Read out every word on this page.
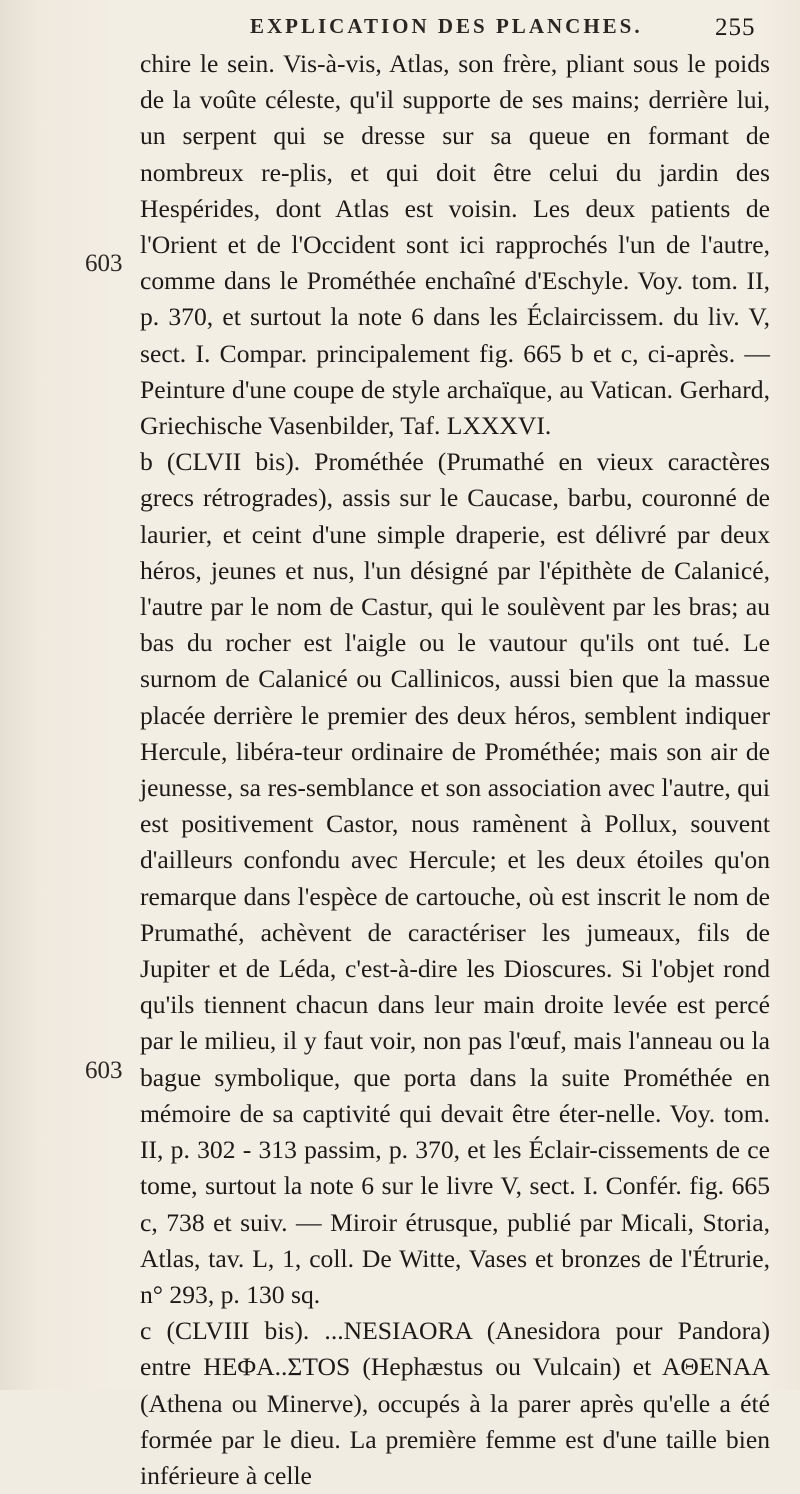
EXPLICATION DES PLANCHES.	255
603
603

chire le sein. Vis-à-vis, Atlas, son frère, pliant sous le poids de la voûte céleste, qu'il supporte de ses mains; derrière lui, un serpent qui se dresse sur sa queue en formant de nombreux re-plis, et qui doit être celui du jardin des Hespérides, dont Atlas est voisin. Les deux patients de l'Orient et de l'Occident sont ici rapprochés l'un de l'autre, comme dans le Prométhée enchaîné d'Eschyle. Voy. tom. II, p. 370, et surtout la note 6 dans les Éclaircissem. du liv. V, sect. I. Compar. principalement fig. 665 b et c, ci-après. — Peinture d'une coupe de style archaïque, au Vatican. Gerhard, Griechische Vasenbilder, Taf. LXXXVI.

b (CLVII bis). Prométhée (Prumathé en vieux caractères grecs rétrogrades), assis sur le Caucase, barbu, couronné de laurier, et ceint d'une simple draperie, est délivré par deux héros, jeunes et nus, l'un désigné par l'épithète de Calanicé, l'autre par le nom de Castur, qui le soulèvent par les bras; au bas du rocher est l'aigle ou le vautour qu'ils ont tué. Le surnom de Calanicé ou Callinicos, aussi bien que la massue placée derrière le premier des deux héros, semblent indiquer Hercule, libéra-teur ordinaire de Prométhée; mais son air de jeunesse, sa res-semblance et son association avec l'autre, qui est positivement Castor, nous ramènent à Pollux, souvent d'ailleurs confondu avec Hercule; et les deux étoiles qu'on remarque dans l'espèce de cartouche, où est inscrit le nom de Prumathé, achèvent de caractériser les jumeaux, fils de Jupiter et de Léda, c'est-à-dire les Dioscures. Si l'objet rond qu'ils tiennent chacun dans leur main droite levée est percé par le milieu, il y faut voir, non pas l'œuf, mais l'anneau ou la bague symbolique, que porta dans la suite Prométhée en mémoire de sa captivité qui devait être éter-nelle. Voy. tom. II, p. 302 - 313 passim, p. 370, et les Éclair-cissements de ce tome, surtout la note 6 sur le livre V, sect. I. Confér. fig. 665 c, 738 et suiv. — Miroir étrusque, publié par Micali, Storia, Atlas, tav. L, 1, coll. De Witte, Vases et bronzes de l'Étrurie, n° 293, p. 130 sq.

c (CLVIII bis). ...NESIAORA (Anesidora pour Pandora) entre HEΦA..ΣTOS (Hephæstus ou Vulcain) et AΘENAA (Athena ou Minerve), occupés à la parer après qu'elle a été formée par le dieu. La première femme est d'une taille bien inférieure à celle
